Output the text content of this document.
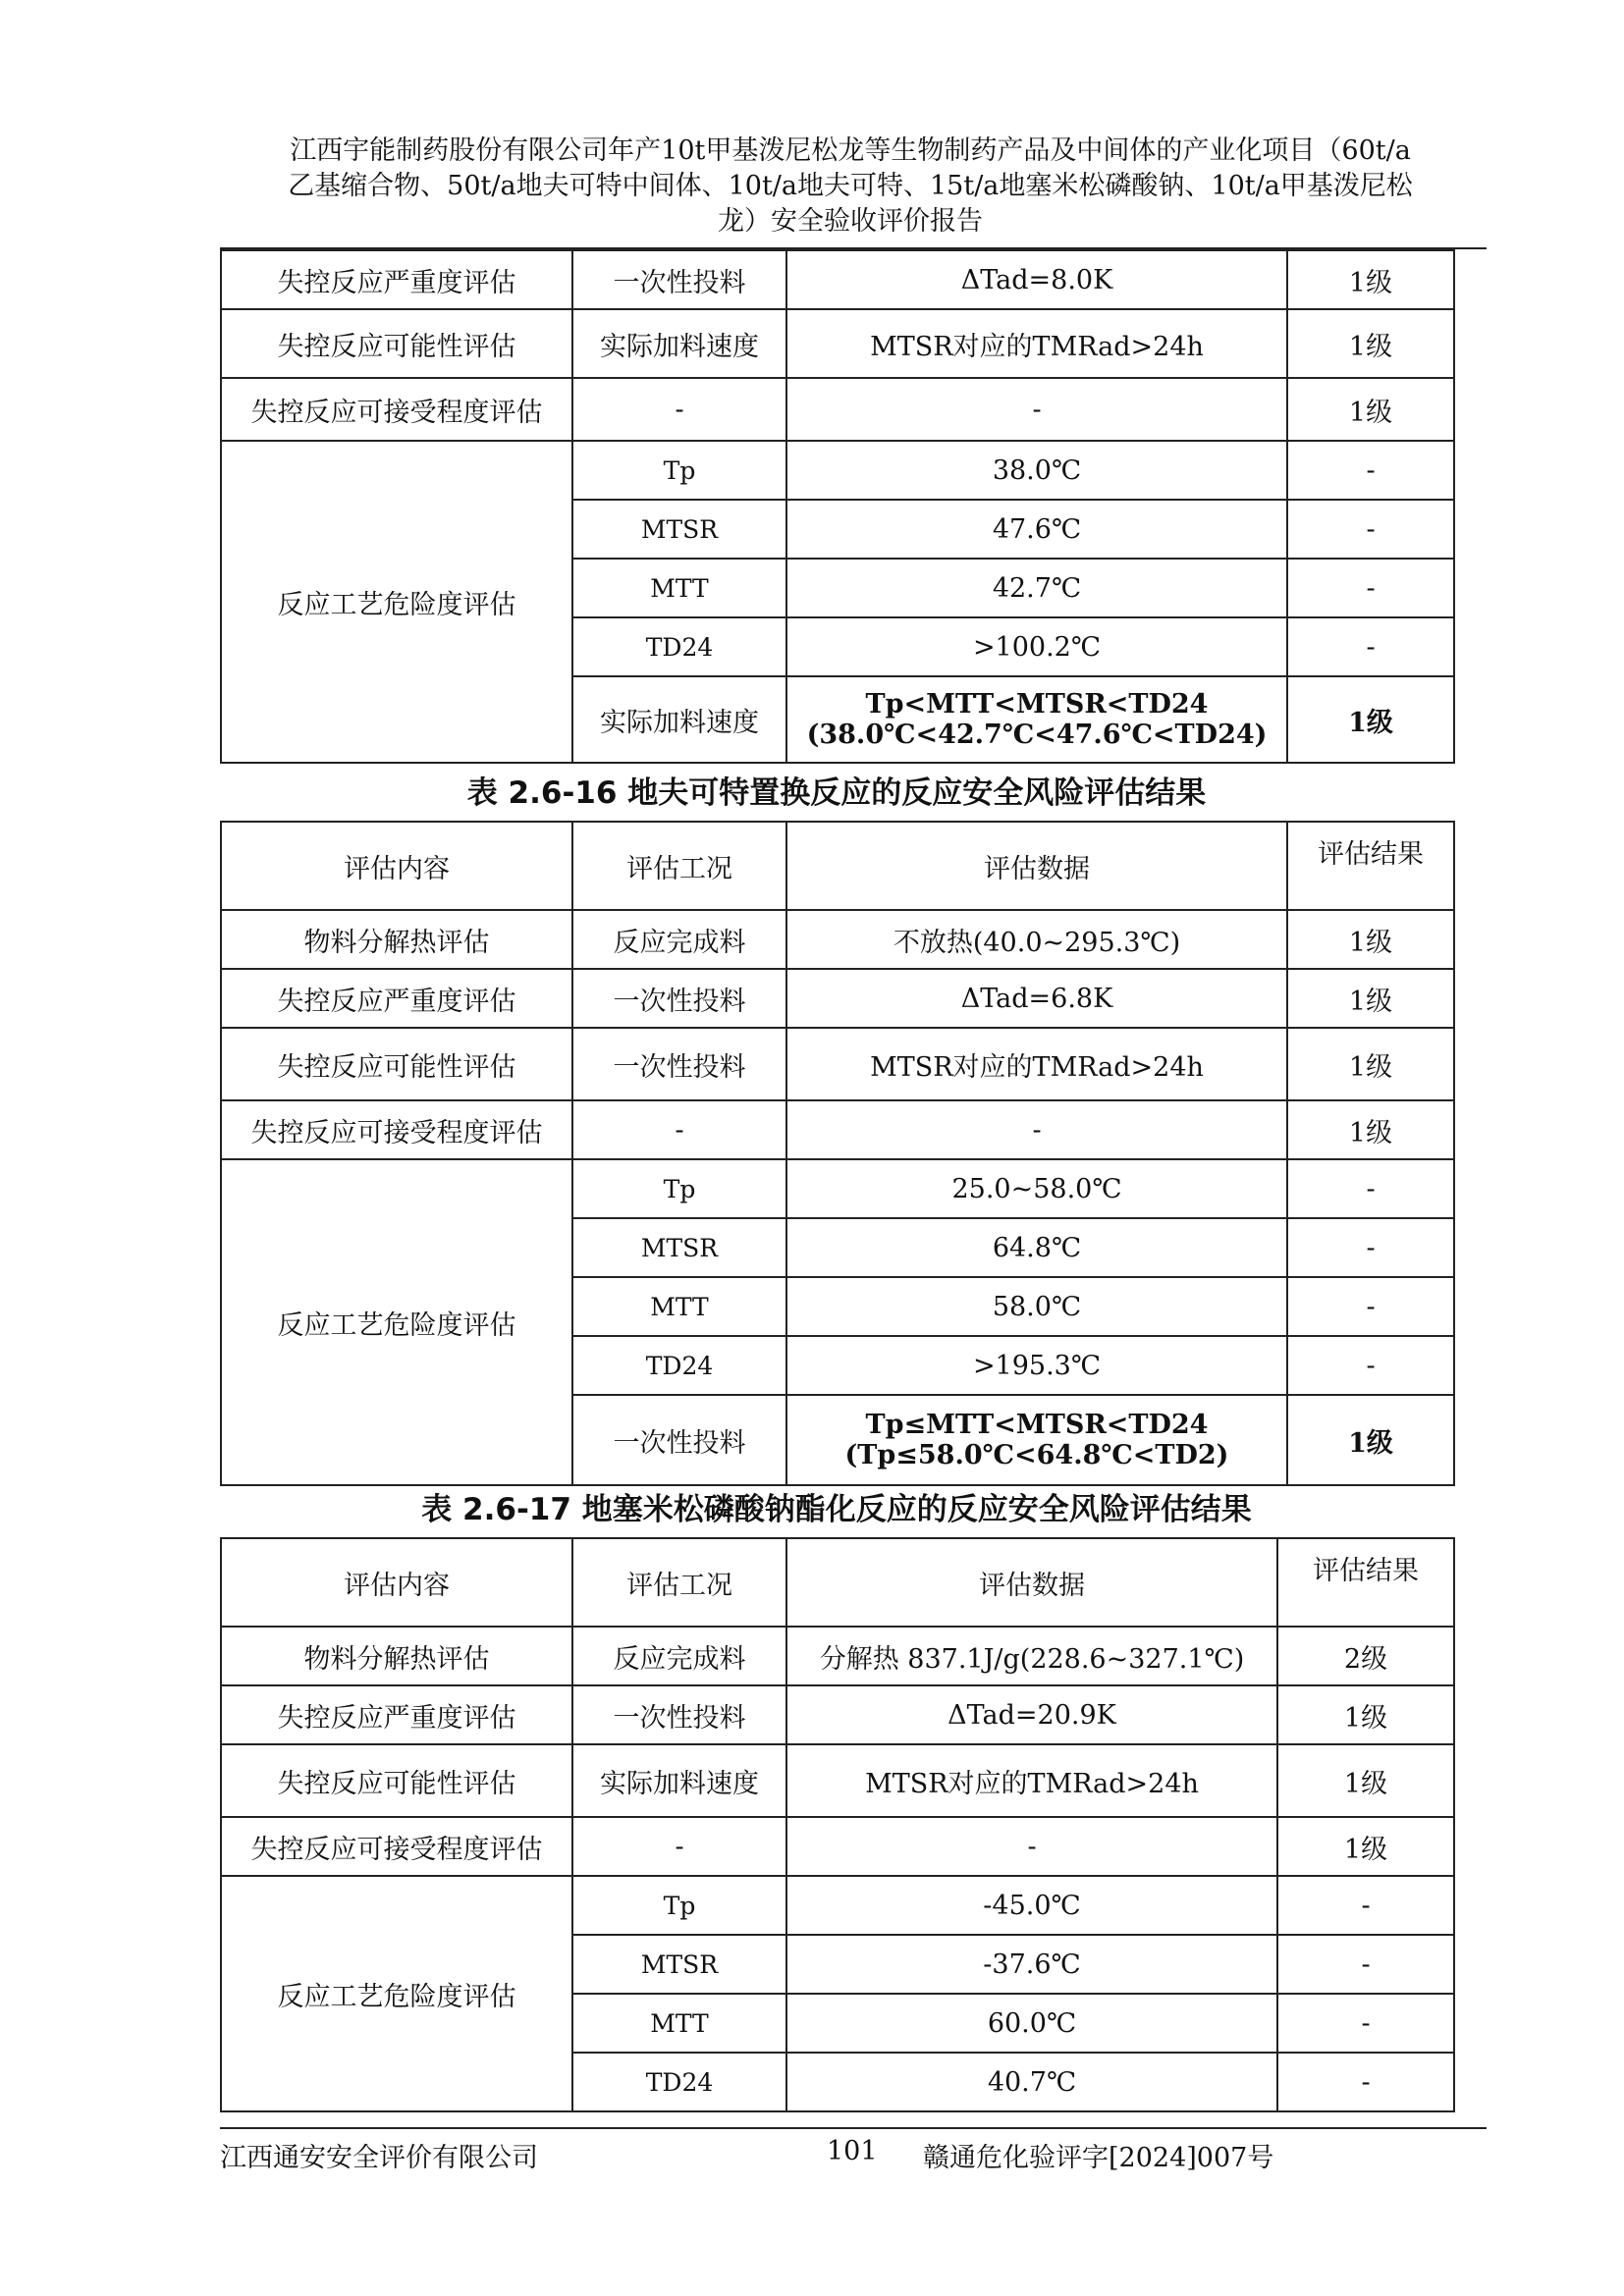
江西宇能制药股份有限公司年产10t甲基泼尼松龙等生物制药产品及中间体的产业化项目（60t/a
乙基缩合物、50t/a地夫可特中间体、10t/a地夫可特、15t/a地塞米松磷酸钠、10t/a甲基泼尼松
龙）安全验收评价报告
失控反应严重度评估	一次性投料	ΔTad=8.0K	1级
失控反应可能性评估	实际加料速度	MTSR对应的TMRad>24h	1级
失控反应可接受程度评估	-	-	1级
反应工艺危险度评估	Tp	38.0℃	-
	MTSR	47.6℃	-
	MTT	42.7℃	-
	TD24	>100.2℃	-
	实际加料速度	Tp<MTT<MTSR<TD24
(38.0℃<42.7℃<47.6℃<TD24)	1级
表 2.6-16 地夫可特置换反应的反应安全风险评估结果
评估内容	评估工况	评估数据	评估结果
物料分解热评估	反应完成料	不放热(40.0~295.3℃)	1级
失控反应严重度评估	一次性投料	ΔTad=6.8K	1级
失控反应可能性评估	一次性投料	MTSR对应的TMRad>24h	1级
失控反应可接受程度评估	-	-	1级
反应工艺危险度评估	Tp	25.0~58.0℃	-
	MTSR	64.8℃	-
	MTT	58.0℃	-
	TD24	>195.3℃	-
	一次性投料	Tp≤MTT<MTSR<TD24
(Tp≤58.0℃<64.8℃<TD2)	1级
表 2.6-17 地塞米松磷酸钠酯化反应的反应安全风险评估结果
评估内容	评估工况	评估数据	评估结果
物料分解热评估	反应完成料	分解热 837.1J/g(228.6~327.1℃)	2级
失控反应严重度评估	一次性投料	ΔTad=20.9K	1级
失控反应可能性评估	实际加料速度	MTSR对应的TMRad>24h	1级
失控反应可接受程度评估	-	-	1级
反应工艺危险度评估	Tp	-45.0℃	-
	MTSR	-37.6℃	-
	MTT	60.0℃	-
	TD24	40.7℃	-
江西通安安全评价有限公司	101 赣通危化验评字[2024]007号
